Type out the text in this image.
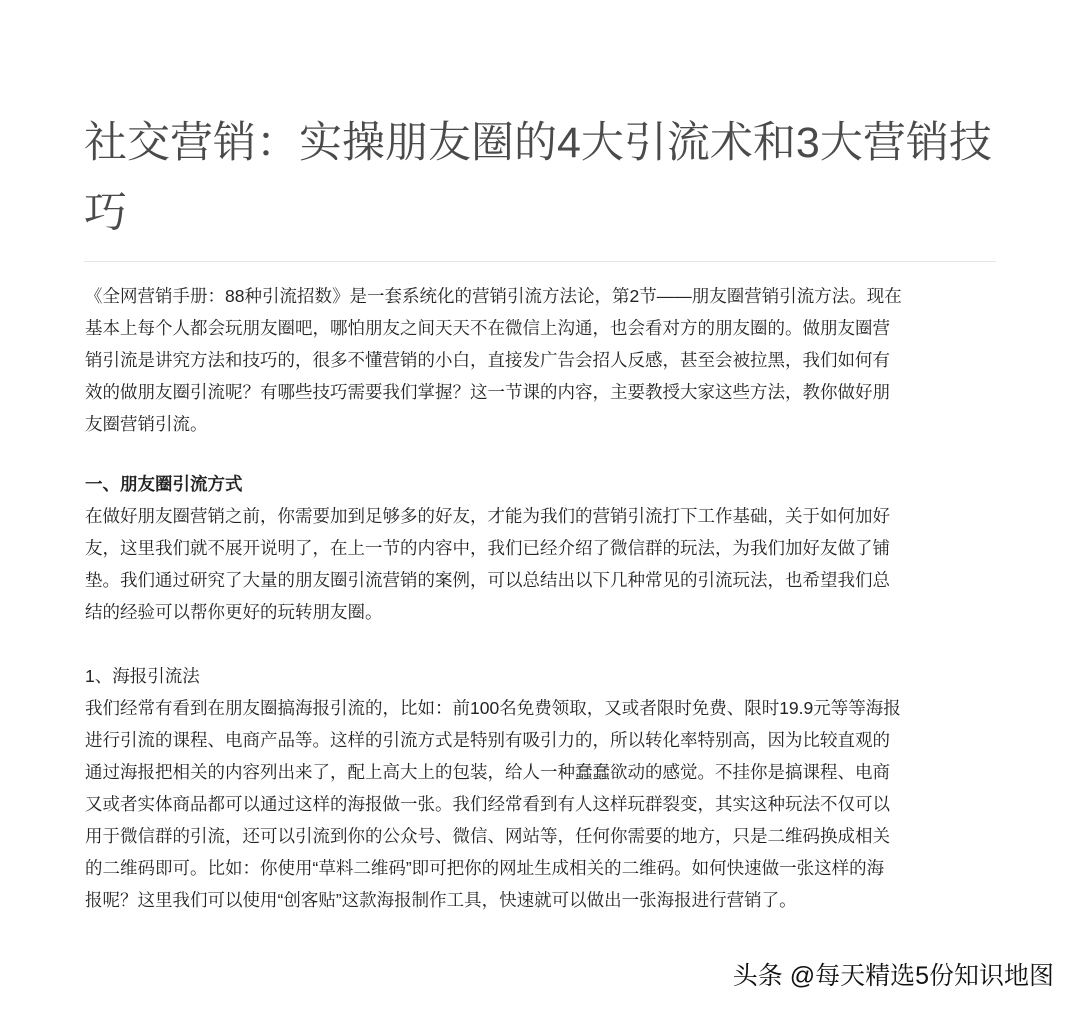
社交营销：实操朋友圈的4大引流术和3大营销技
巧
《全网营销手册：88种引流招数》是一套系统化的营销引流方法论，第2节——朋友圈营销引流方法。现在
基本上每个人都会玩朋友圈吧，哪怕朋友之间天天不在微信上沟通，也会看对方的朋友圈的。做朋友圈营
销引流是讲究方法和技巧的，很多不懂营销的小白，直接发广告会招人反感，甚至会被拉黑，我们如何有
效的做朋友圈引流呢？有哪些技巧需要我们掌握？这一节课的内容，主要教授大家这些方法，教你做好朋
友圈营销引流。
一、朋友圈引流方式
在做好朋友圈营销之前，你需要加到足够多的好友，才能为我们的营销引流打下工作基础，关于如何加好
友，这里我们就不展开说明了，在上一节的内容中，我们已经介绍了微信群的玩法，为我们加好友做了铺
垫。我们通过研究了大量的朋友圈引流营销的案例，可以总结出以下几种常见的引流玩法，也希望我们总
结的经验可以帮你更好的玩转朋友圈。
1、海报引流法
我们经常有看到在朋友圈搞海报引流的，比如：前100名免费领取，又或者限时免费、限时19.9元等等海报
进行引流的课程、电商产品等。这样的引流方式是特别有吸引力的，所以转化率特别高，因为比较直观的
通过海报把相关的内容列出来了，配上高大上的包装，给人一种蠢蠢欲动的感觉。不挂你是搞课程、电商
又或者实体商品都可以通过这样的海报做一张。我们经常看到有人这样玩群裂变，其实这种玩法不仅可以
用于微信群的引流，还可以引流到你的公众号、微信、网站等，任何你需要的地方，只是二维码换成相关
的二维码即可。比如：你使用“草料二维码”即可把你的网址生成相关的二维码。如何快速做一张这样的海
报呢？这里我们可以使用“创客贴”这款海报制作工具，快速就可以做出一张海报进行营销了。
头条 @每天精选5份知识地图
